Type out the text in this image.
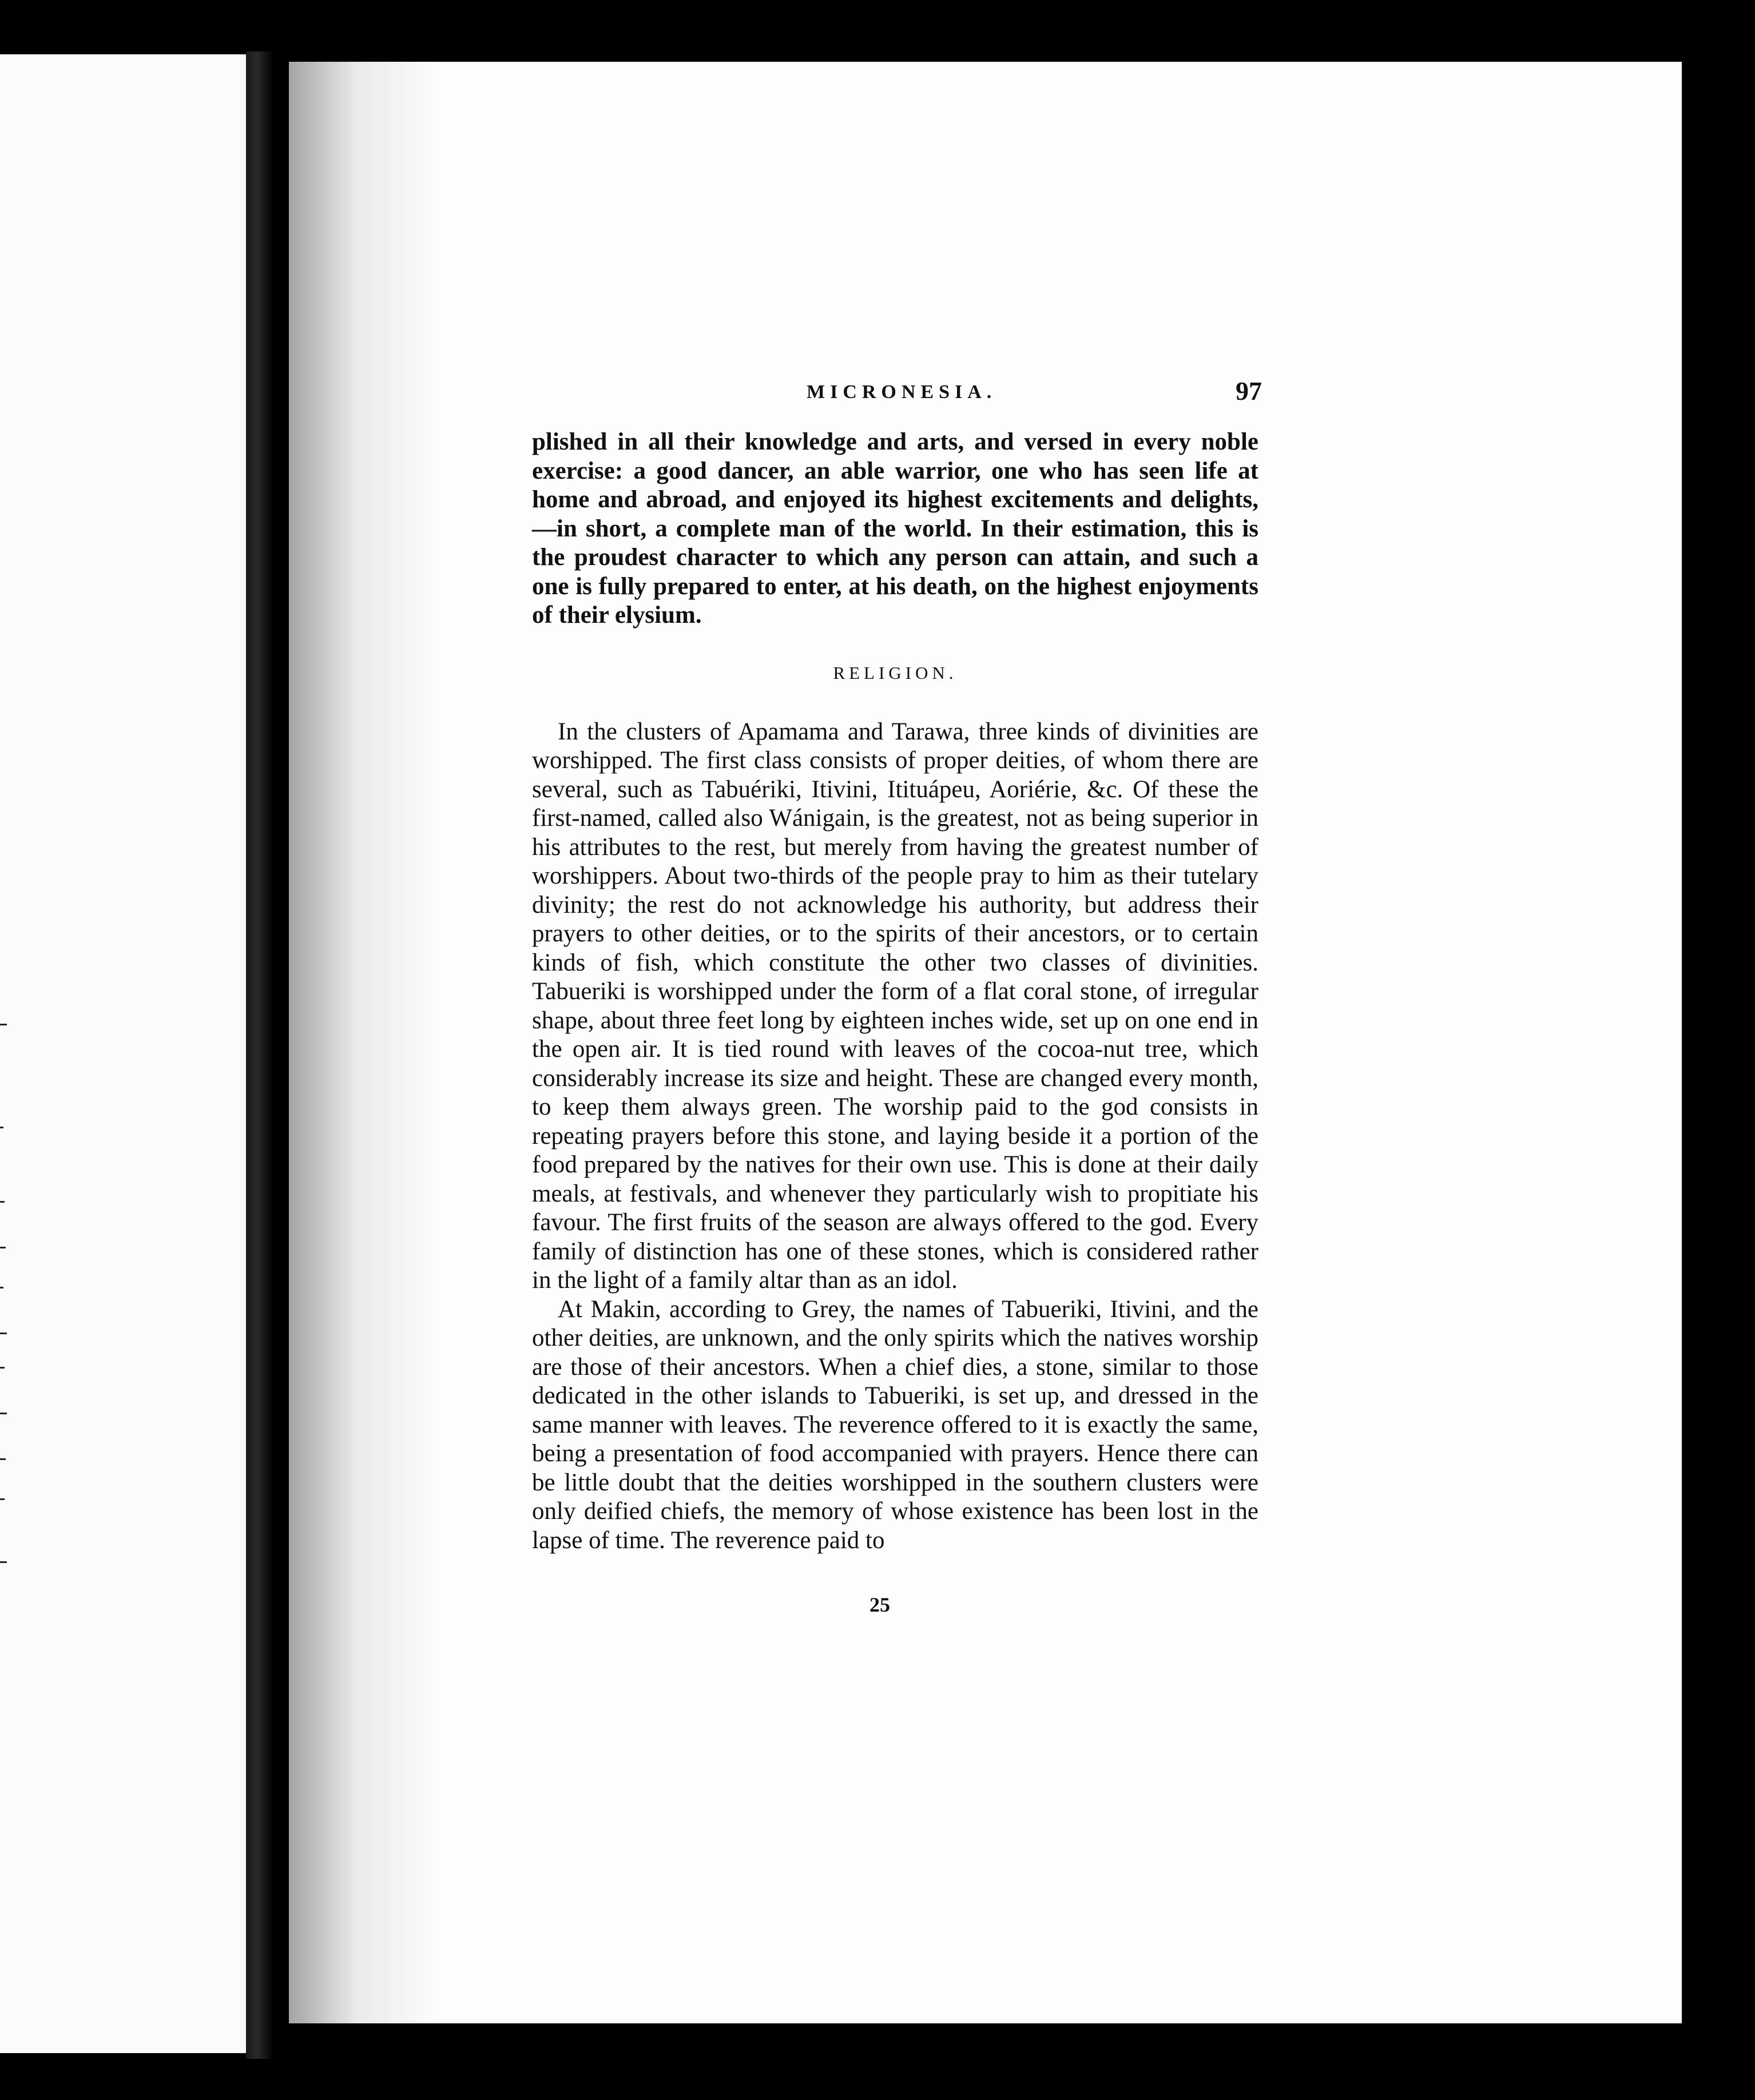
MICRONESIA.	97

plished in all their knowledge and arts, and versed in every noble exercise: a good dancer, an able warrior, one who has seen life at home and abroad, and enjoyed its highest excitements and delights, —in short, a complete man of the world. In their estimation, this is the proudest character to which any person can attain, and such a one is fully prepared to enter, at his death, on the highest enjoyments of their elysium.

RELIGION.

In the clusters of Apamama and Tarawa, three kinds of divinities are worshipped. The first class consists of proper deities, of whom there are several, such as Tabuériki, Itivini, Itituápeu, Aoriérie, &c. Of these the first-named, called also Wánigain, is the greatest, not as being superior in his attributes to the rest, but merely from having the greatest number of worshippers. About two-thirds of the people pray to him as their tutelary divinity; the rest do not acknowledge his authority, but address their prayers to other deities, or to the spirits of their ancestors, or to certain kinds of fish, which constitute the other two classes of divinities. Tabueriki is worshipped under the form of a flat coral stone, of irregular shape, about three feet long by eighteen inches wide, set up on one end in the open air. It is tied round with leaves of the cocoa-nut tree, which considerably increase its size and height. These are changed every month, to keep them always green. The worship paid to the god consists in repeating prayers before this stone, and laying beside it a portion of the food prepared by the natives for their own use. This is done at their daily meals, at festivals, and whenever they particularly wish to propitiate his favour. The first fruits of the season are always offered to the god. Every family of distinction has one of these stones, which is considered rather in the light of a family altar than as an idol.

At Makin, according to Grey, the names of Tabueriki, Itivini, and the other deities, are unknown, and the only spirits which the natives worship are those of their ancestors. When a chief dies, a stone, similar to those dedicated in the other islands to Tabueriki, is set up, and dressed in the same manner with leaves. The reverence offered to it is exactly the same, being a presentation of food accompanied with prayers. Hence there can be little doubt that the deities worshipped in the southern clusters were only deified chiefs, the memory of whose existence has been lost in the lapse of time. The reverence paid to

25
